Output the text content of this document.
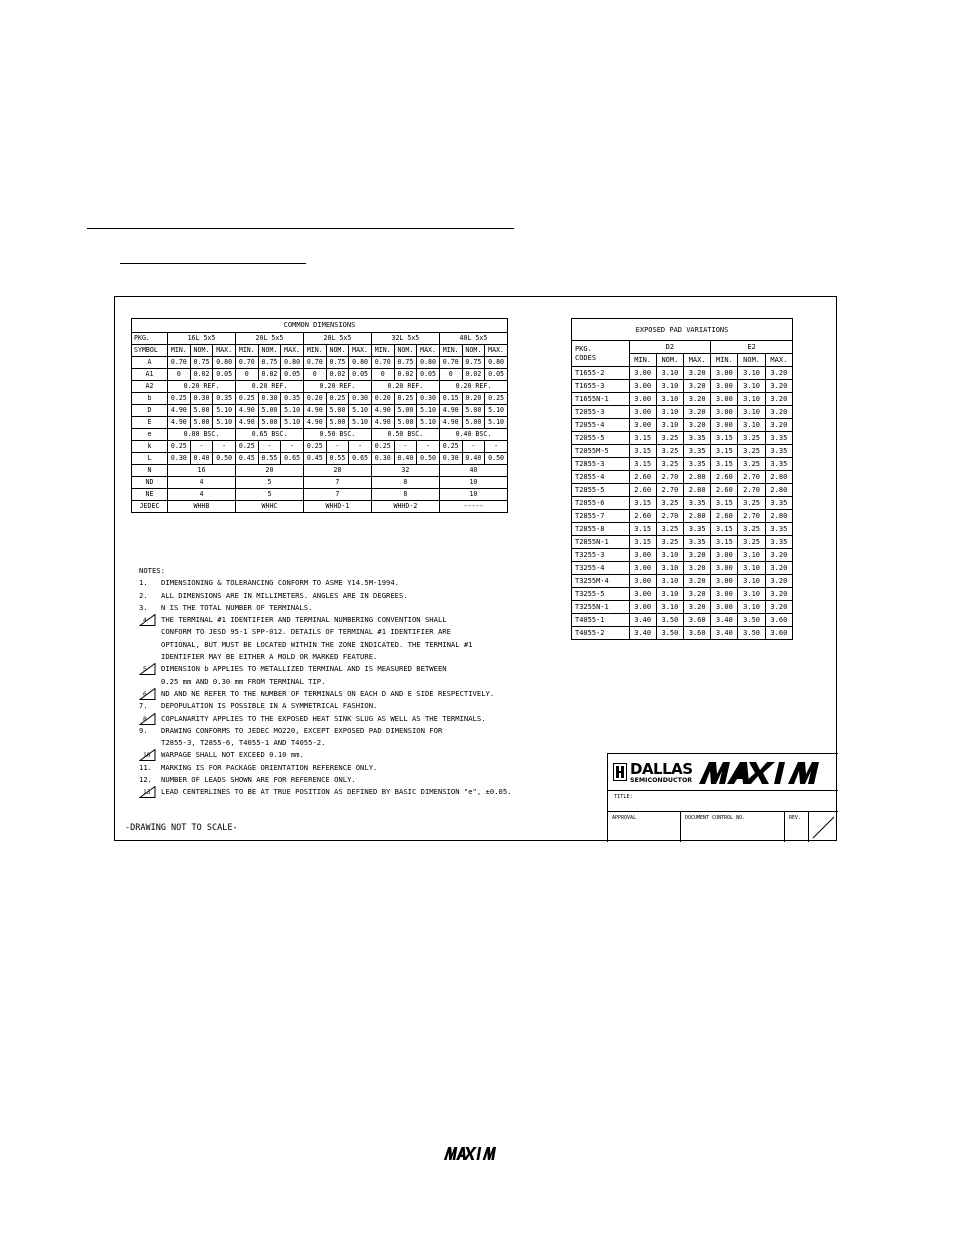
COMMON DIMENSIONS															
PKG.	16L 5x5			20L 5x5			28L 5x5			32L 5x5			40L 5x5		
SYMBOL	MIN.	NOM.	MAX.	MIN.	NOM.	MAX.	MIN.	NOM.	MAX.	MIN.	NOM.	MAX.	MIN.	NOM.	MAX.
A	0.70	0.75	0.80	0.70	0.75	0.80	0.70	0.75	0.80	0.70	0.75	0.80	0.70	0.75	0.80
A1	0	0.02	0.05	0	0.02	0.05	0	0.02	0.05	0	0.02	0.05	0	0.02	0.05
A2	0.20 REF.			0.20 REF.			0.20 REF.			0.20 REF.			0.20 REF.		
b	0.25	0.30	0.35	0.25	0.30	0.35	0.20	0.25	0.30	0.20	0.25	0.30	0.15	0.20	0.25
D	4.90	5.00	5.10	4.90	5.00	5.10	4.90	5.00	5.10	4.90	5.00	5.10	4.90	5.00	5.10
E	4.90	5.00	5.10	4.90	5.00	5.10	4.90	5.00	5.10	4.90	5.00	5.10	4.90	5.00	5.10
e	0.80 BSC.			0.65 BSC.			0.50 BSC.			0.50 BSC.			0.40 BSC.		
k	0.25	-	-	0.25	-	-	0.25	-	-	0.25	-	-	0.25	-	-
L	0.30	0.40	0.50	0.45	0.55	0.65	0.45	0.55	0.65	0.30	0.40	0.50	0.30	0.40	0.50
N	16			20			28			32			40		
ND	4			5			7			8			10		
NE	4			5			7			8			10		
JEDEC	WHHB			WHHC			WHHD-1			WHHD-2			-----		
EXPOSED PAD VARIATIONS						
PKG.
CODES	D2			E2		
	MIN.	NOM.	MAX.	MIN.	NOM.	MAX.
T1655-2	3.00	3.10	3.20	3.00	3.10	3.20
T1655-3	3.00	3.10	3.20	3.00	3.10	3.20
T1655N-1	3.00	3.10	3.20	3.00	3.10	3.20
T2055-3	3.00	3.10	3.20	3.00	3.10	3.20
T2055-4	3.00	3.10	3.20	3.00	3.10	3.20
T2055-5	3.15	3.25	3.35	3.15	3.25	3.35
T2055M-5	3.15	3.25	3.35	3.15	3.25	3.35
T2855-3	3.15	3.25	3.35	3.15	3.25	3.35
T2855-4	2.60	2.70	2.80	2.60	2.70	2.80
T2855-5	2.60	2.70	2.80	2.60	2.70	2.80
T2855-6	3.15	3.25	3.35	3.15	3.25	3.35
T2855-7	2.60	2.70	2.80	2.60	2.70	2.80
T2855-8	3.15	3.25	3.35	3.15	3.25	3.35
T2855N-1	3.15	3.25	3.35	3.15	3.25	3.35
T3255-3	3.00	3.10	3.20	3.00	3.10	3.20
T3255-4	3.00	3.10	3.20	3.00	3.10	3.20
T3255M-4	3.00	3.10	3.20	3.00	3.10	3.20
T3255-5	3.00	3.10	3.20	3.00	3.10	3.20
T3255N-1	3.00	3.10	3.20	3.00	3.10	3.20
T4055-1	3.40	3.50	3.60	3.40	3.50	3.60
T4055-2	3.40	3.50	3.60	3.40	3.50	3.60
NOTES:
1.	DIMENSIONING & TOLERANCING CONFORM TO ASME Y14.5M-1994.
2.	ALL DIMENSIONS ARE IN MILLIMETERS. ANGLES ARE IN DEGREES.
3.	N IS THE TOTAL NUMBER OF TERMINALS.
4 THE TERMINAL #1 IDENTIFIER AND TERMINAL NUMBERING CONVENTION SHALL
CONFORM TO JESD 95-1 SPP-012. DETAILS OF TERMINAL #1 IDENTIFIER ARE
OPTIONAL, BUT MUST BE LOCATED WITHIN THE ZONE INDICATED. THE TERMINAL #1
IDENTIFIER MAY BE EITHER A MOLD OR MARKED FEATURE.
5 DIMENSION b APPLIES TO METALLIZED TERMINAL AND IS MEASURED BETWEEN
0.25 mm AND 0.30 mm FROM TERMINAL TIP.
6 ND AND NE REFER TO THE NUMBER OF TERMINALS ON EACH D AND E SIDE RESPECTIVELY.
7.	DEPOPULATION IS POSSIBLE IN A SYMMETRICAL FASHION.
8 COPLANARITY APPLIES TO THE EXPOSED HEAT SINK SLUG AS WELL AS THE TERMINALS.
9.	DRAWING CONFORMS TO JEDEC MO220, EXCEPT EXPOSED PAD DIMENSION FOR
T2855-3, T2855-6, T4055-1 AND T4055-2.
10 WARPAGE SHALL NOT EXCEED 0.10 mm.
11.	MARKING IS FOR PACKAGE ORIENTATION REFERENCE ONLY.
12.	NUMBER OF LEADS SHOWN ARE FOR REFERENCE ONLY.
13 LEAD CENTERLINES TO BE AT TRUE POSITION AS DEFINED BY BASIC DIMENSION "e", ±0.05.
-DRAWING NOT TO SCALE-
DALLAS
SEMICONDUCTOR
TITLE:
APPROVAL	DOCUMENT CONTROL NO.	REV.
